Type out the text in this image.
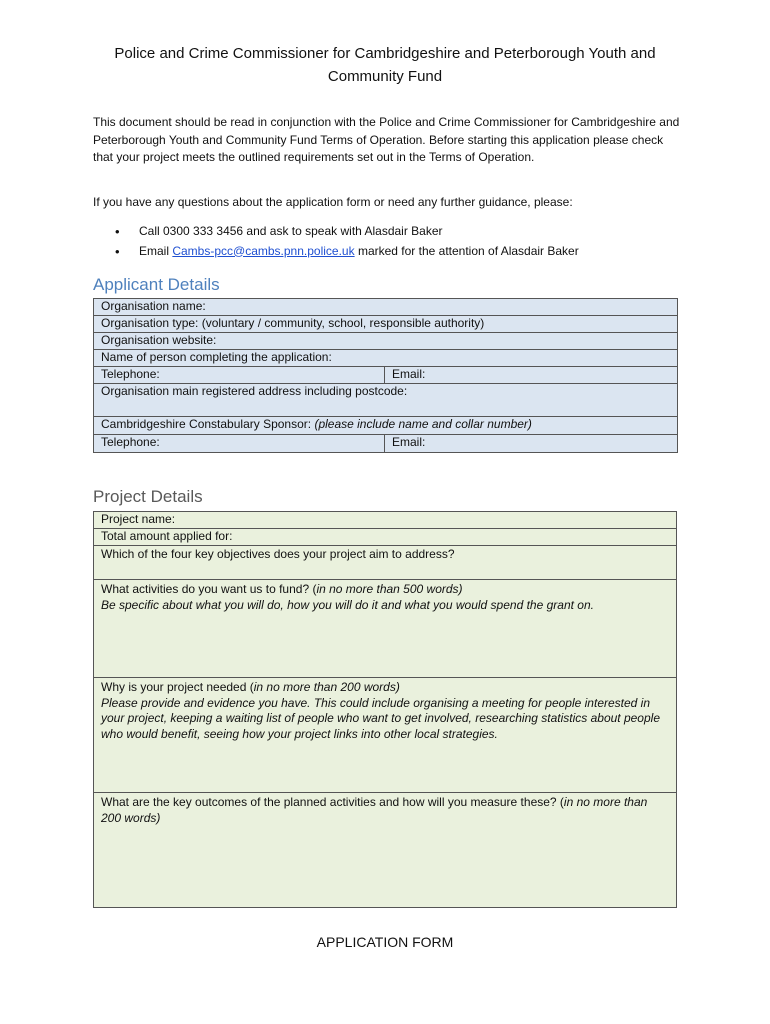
Police and Crime Commissioner for Cambridgeshire and Peterborough Youth and Community Fund

This document should be read in conjunction with the Police and Crime Commissioner for Cambridgeshire and Peterborough Youth and Community Fund Terms of Operation. Before starting this application please check that your project meets the outlined requirements set out in the Terms of Operation.

If you have any questions about the application form or need any further guidance, please:

• Call 0300 333 3456 and ask to speak with Alasdair Baker
• Email Cambs-pcc@cambs.pnn.police.uk marked for the attention of Alasdair Baker
Applicant Details
Organisation name:	
Organisation type: (voluntary / community, school, responsible authority)	
Organisation website:	
Name of person completing the application:	
Telephone:	Email:
Organisation main registered address including postcode:	
Cambridgeshire Constabulary Sponsor: (please include name and collar number)	
Telephone:	Email:
Project Details
Project name:
Total amount applied for:
Which of the four key objectives does your project aim to address?
What activities do you want us to fund? (in no more than 500 words)
Be specific about what you will do, how you will do it and what you would spend the grant on.
Why is your project needed (in no more than 200 words)
Please provide and evidence you have. This could include organising a meeting for people interested in your project, keeping a waiting list of people who want to get involved, researching statistics about people who would benefit, seeing how your project links into other local strategies.
What are the key outcomes of the planned activities and how will you measure these? (in no more than 200 words)
APPLICATION FORM
